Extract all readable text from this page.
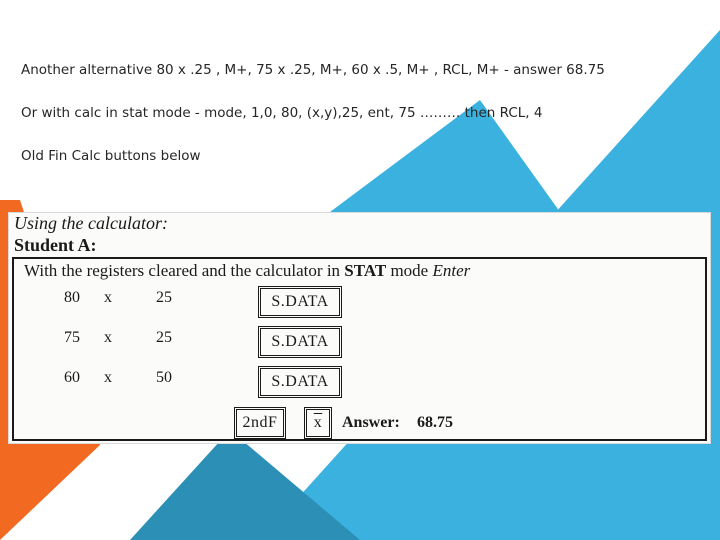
Another alternative 80 x .25 , M+, 75 x .25, M+, 60 x .5, M+ , RCL, M+ - answer 68.75
Or with calc in stat mode - mode, 1,0, 80, (x,y),25, ent, 75 ……… then RCL, 4
Old Fin Calc buttons below
Using the calculator:
Student A:
With the registers cleared and the calculator in STAT mode Enter
80 x	25	S.DATA
75 x	25	S.DATA
60 x	50	S.DATA
2ndF $\overline{x}$ Answer: 68.75
